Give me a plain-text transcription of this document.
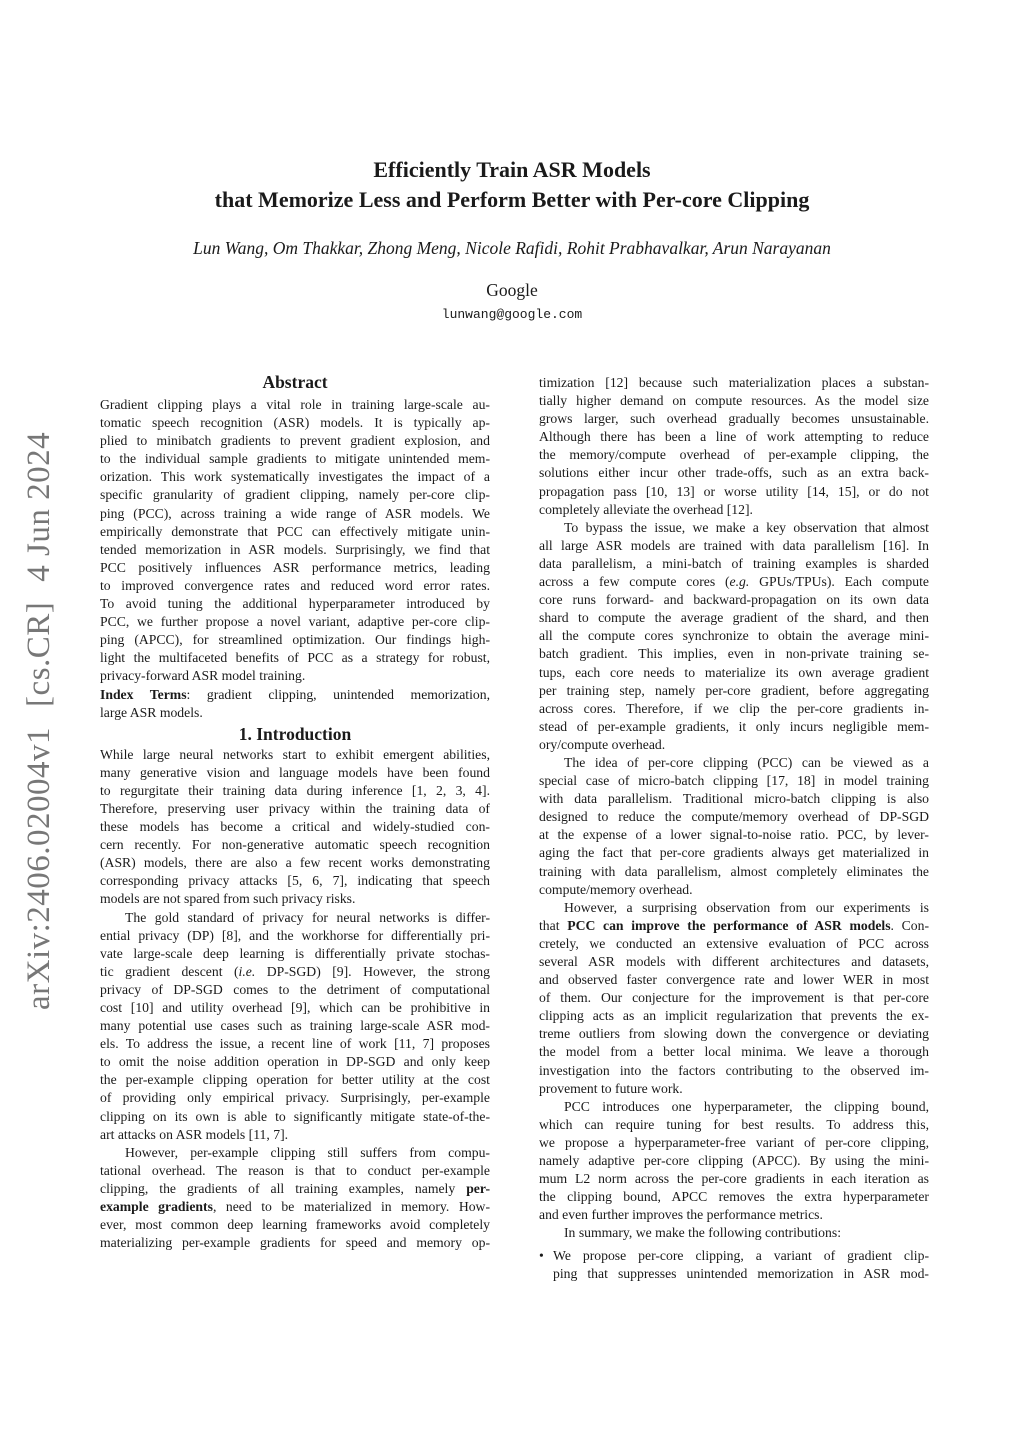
arXiv:2406.02004v1[cs.CR]4 Jun 2024
Efficiently Train ASR Models
that Memorize Less and Perform Better with Per-core Clipping
Lun Wang, Om Thakkar, Zhong Meng, Nicole Rafidi, Rohit Prabhavalkar, Arun Narayanan
Google
lunwang@google.com
Abstract
Gradient clipping plays a vital role in training large-scale au-
tomatic speech recognition (ASR) models. It is typically ap-
plied to minibatch gradients to prevent gradient explosion, and
to the individual sample gradients to mitigate unintended mem-
orization. This work systematically investigates the impact of a
specific granularity of gradient clipping, namely per-core clip-
ping (PCC), across training a wide range of ASR models. We
empirically demonstrate that PCC can effectively mitigate unin-
tended memorization in ASR models. Surprisingly, we find that
PCC positively influences ASR performance metrics, leading
to improved convergence rates and reduced word error rates.
To avoid tuning the additional hyperparameter introduced by
PCC, we further propose a novel variant, adaptive per-core clip-
ping (APCC), for streamlined optimization. Our findings high-
light the multifaceted benefits of PCC as a strategy for robust,
privacy-forward ASR model training.
Index Terms: gradient clipping, unintended memorization,
large ASR models.
1. Introduction
While large neural networks start to exhibit emergent abilities,
many generative vision and language models have been found
to regurgitate their training data during inference [1, 2, 3, 4].
Therefore, preserving user privacy within the training data of
these models has become a critical and widely-studied con-
cern recently. For non-generative automatic speech recognition
(ASR) models, there are also a few recent works demonstrating
corresponding privacy attacks [5, 6, 7], indicating that speech
models are not spared from such privacy risks.
The gold standard of privacy for neural networks is differ-
ential privacy (DP) [8], and the workhorse for differentially pri-
vate large-scale deep learning is differentially private stochas-
tic gradient descent (i.e. DP-SGD) [9]. However, the strong
privacy of DP-SGD comes to the detriment of computational
cost [10] and utility overhead [9], which can be prohibitive in
many potential use cases such as training large-scale ASR mod-
els. To address the issue, a recent line of work [11, 7] proposes
to omit the noise addition operation in DP-SGD and only keep
the per-example clipping operation for better utility at the cost
of providing only empirical privacy. Surprisingly, per-example
clipping on its own is able to significantly mitigate state-of-the-
art attacks on ASR models [11, 7].
However, per-example clipping still suffers from compu-
tational overhead. The reason is that to conduct per-example
clipping, the gradients of all training examples, namely per-
example gradients, need to be materialized in memory. How-
ever, most common deep learning frameworks avoid completely
materializing per-example gradients for speed and memory op-
timization [12] because such materialization places a substan-
tially higher demand on compute resources. As the model size
grows larger, such overhead gradually becomes unsustainable.
Although there has been a line of work attempting to reduce
the memory/compute overhead of per-example clipping, the
solutions either incur other trade-offs, such as an extra back-
propagation pass [10, 13] or worse utility [14, 15], or do not
completely alleviate the overhead [12].
To bypass the issue, we make a key observation that almost
all large ASR models are trained with data parallelism [16]. In
data parallelism, a mini-batch of training examples is sharded
across a few compute cores (e.g. GPUs/TPUs). Each compute
core runs forward- and backward-propagation on its own data
shard to compute the average gradient of the shard, and then
all the compute cores synchronize to obtain the average mini-
batch gradient. This implies, even in non-private training se-
tups, each core needs to materialize its own average gradient
per training step, namely per-core gradient, before aggregating
across cores. Therefore, if we clip the per-core gradients in-
stead of per-example gradients, it only incurs negligible mem-
ory/compute overhead.
The idea of per-core clipping (PCC) can be viewed as a
special case of micro-batch clipping [17, 18] in model training
with data parallelism. Traditional micro-batch clipping is also
designed to reduce the compute/memory overhead of DP-SGD
at the expense of a lower signal-to-noise ratio. PCC, by lever-
aging the fact that per-core gradients always get materialized in
training with data parallelism, almost completely eliminates the
compute/memory overhead.
However, a surprising observation from our experiments is
that PCC can improve the performance of ASR models. Con-
cretely, we conducted an extensive evaluation of PCC across
several ASR models with different architectures and datasets,
and observed faster convergence rate and lower WER in most
of them. Our conjecture for the improvement is that per-core
clipping acts as an implicit regularization that prevents the ex-
treme outliers from slowing down the convergence or deviating
the model from a better local minima. We leave a thorough
investigation into the factors contributing to the observed im-
provement to future work.
PCC introduces one hyperparameter, the clipping bound,
which can require tuning for best results. To address this,
we propose a hyperparameter-free variant of per-core clipping,
namely adaptive per-core clipping (APCC). By using the mini-
mum L2 norm across the per-core gradients in each iteration as
the clipping bound, APCC removes the extra hyperparameter
and even further improves the performance metrics.
In summary, we make the following contributions:
• We propose per-core clipping, a variant of gradient clip-
ping that suppresses unintended memorization in ASR mod-
